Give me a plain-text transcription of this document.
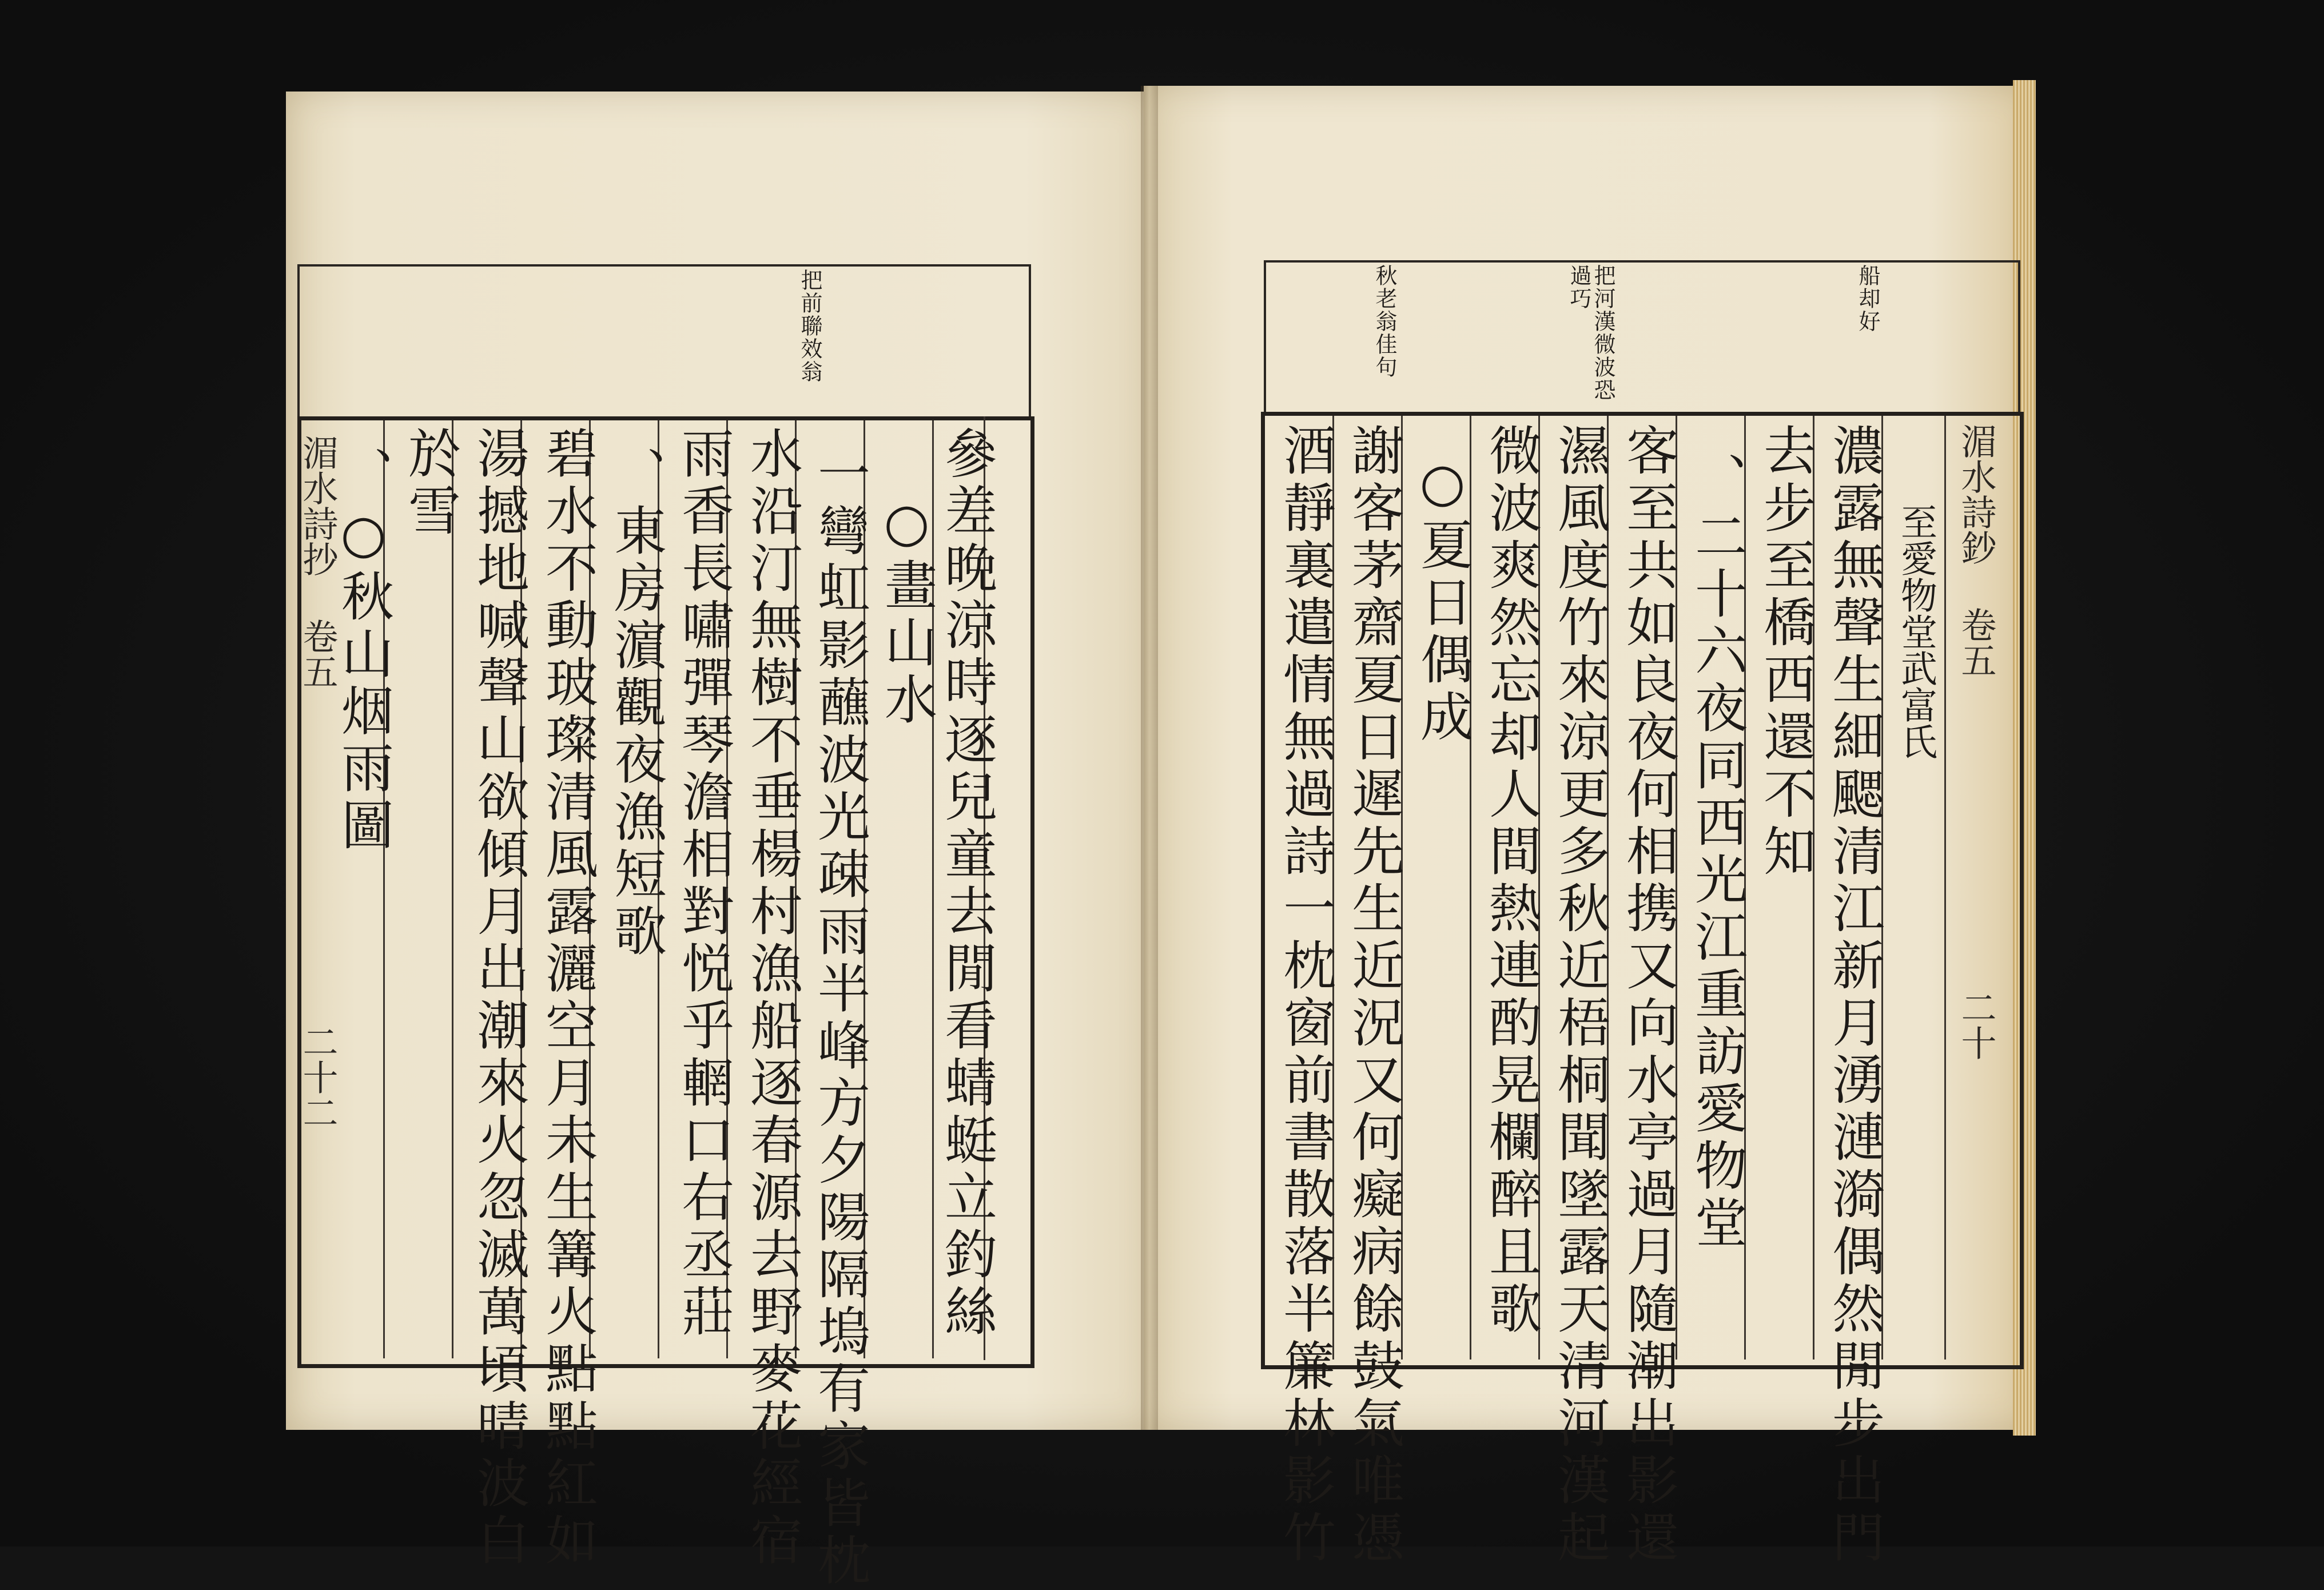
把前聯效翁
湄水詩抄 卷五
二十二	參差晚涼時逐兒童去閒看蜻蜓立釣絲
○畫山水
一彎虹影蘸波光疎雨半峰方夕陽隔塢有家皆枕
水沿汀無樹不垂楊村漁船逐春源去野麥花經宿
雨香長嘯彈琴澹相對悦乎輞口右丞莊
、東房濵觀夜漁短歌
碧水不動玻璨清風露灑空月未生篝火點點紅如
湯撼地喊聲山欲傾月出潮來火忽滅萬頃晴波白
於雪
、○秋山烟雨圖
船却好
把河漢微波恐過巧
秋老翁佳句
湄水詩鈔 卷五
二十
至愛物堂武富氏
濃露無聲生細颸清江新月湧漣漪偶然閒步出門
去步至橋西還不知
、二十六夜同西光江重訪愛物堂
客至共如良夜何相携又向水亭過月隨潮出影還
濕風度竹來涼更多秋近梧桐聞墜露天清河漢起
微波爽然忘却人間熱連酌晃欄醉且歌
○夏日偶成
謝客茅齋夏日遲先生近況又何癡病餘鼓氣唯憑
酒靜裏遣情無過詩一枕窗前書散落半簾林影竹
